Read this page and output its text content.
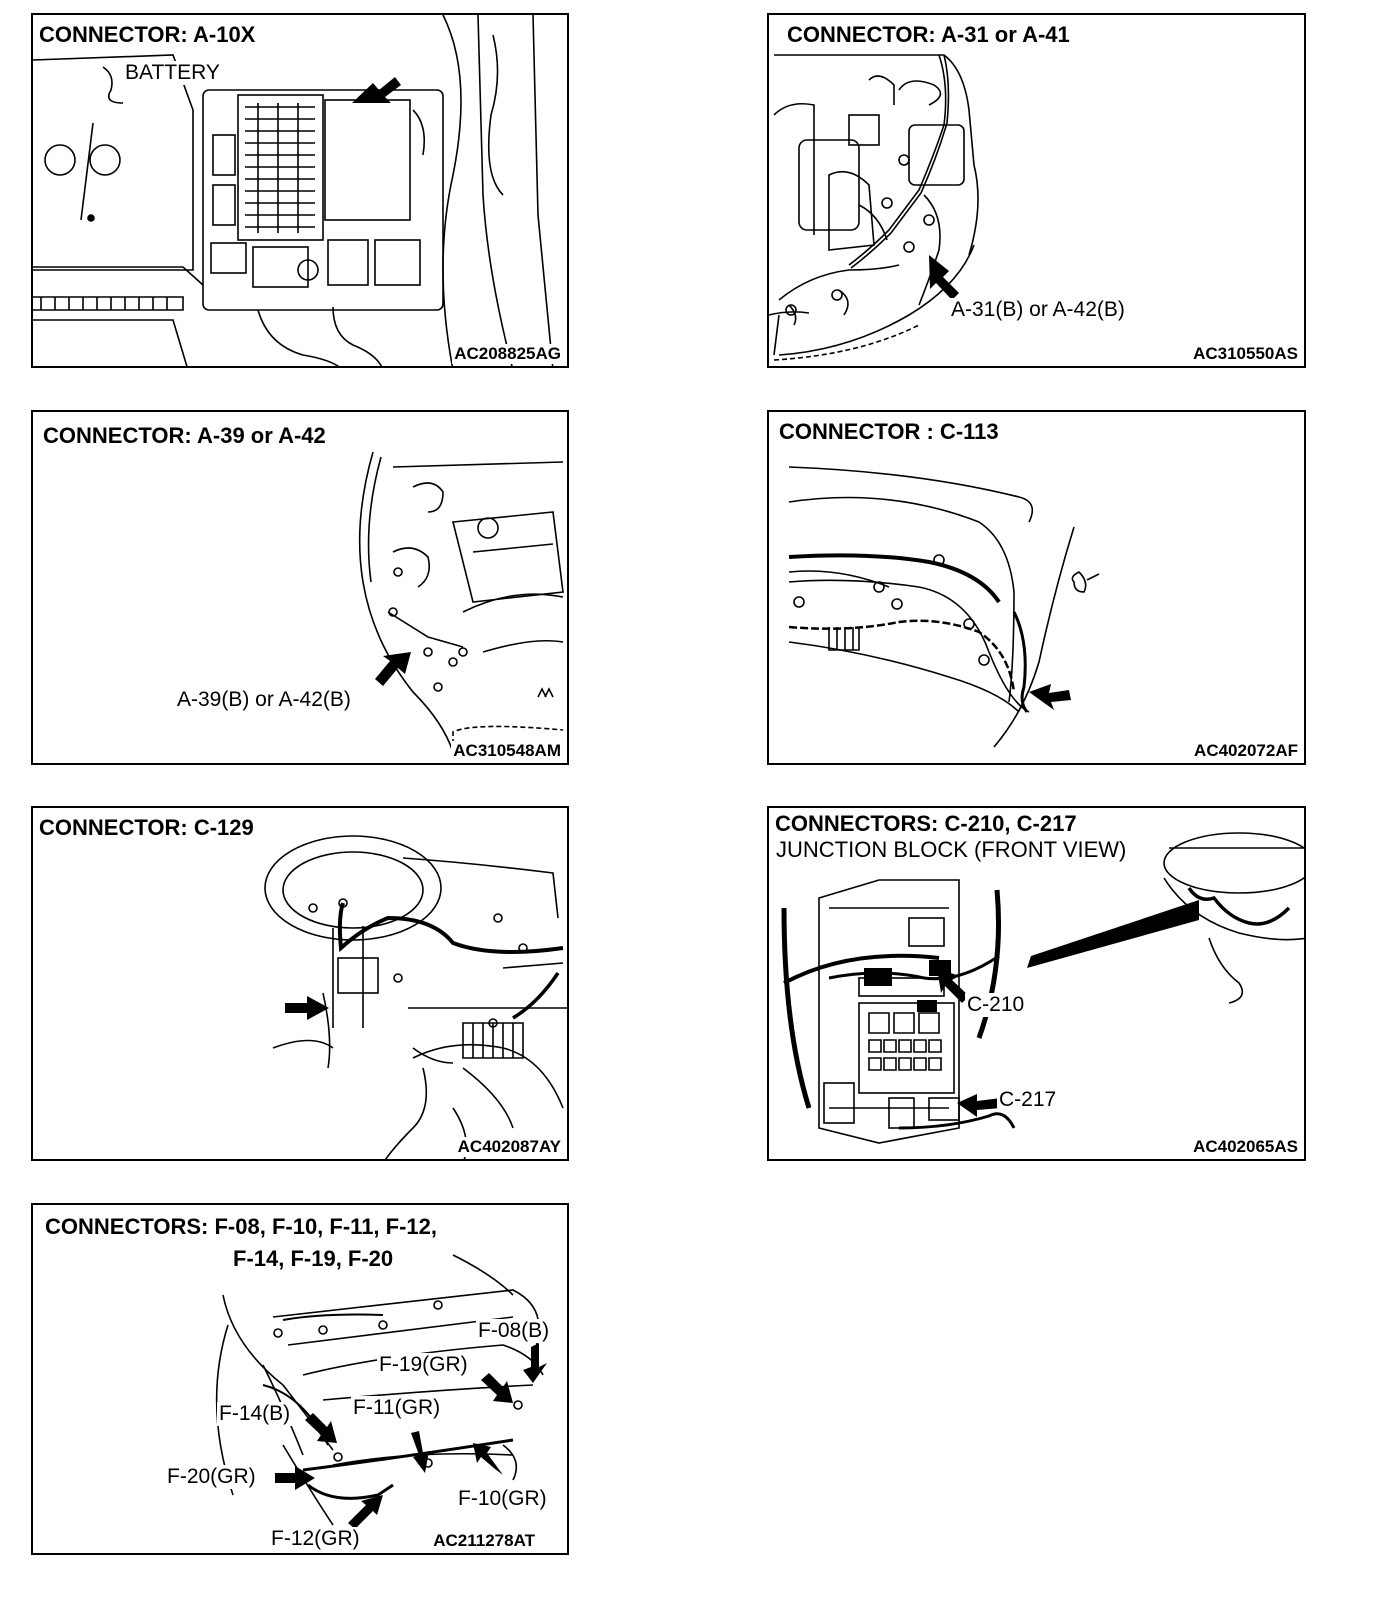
CONNECTOR: A-10X
BATTERY
AC208825AG
CONNECTOR: A-31 or A-41
A-31(B) or A-42(B)
AC310550AS
CONNECTOR: A-39 or A-42
A-39(B) or A-42(B)
AC310548AM
CONNECTOR : C-113
AC402072AF
CONNECTOR: C-129
AC402087AY
CONNECTORS: C-210, C-217
JUNCTION BLOCK (FRONT VIEW)
C-210
C-217
AC402065AS
CONNECTORS: F-08, F-10, F-11, F-12,
F-14, F-19, F-20
F-08(B)
F-19(GR)
F-14(B)	F-11(GR)
F-20(GR)
F-10(GR)
F-12(GR)	AC211278AT
